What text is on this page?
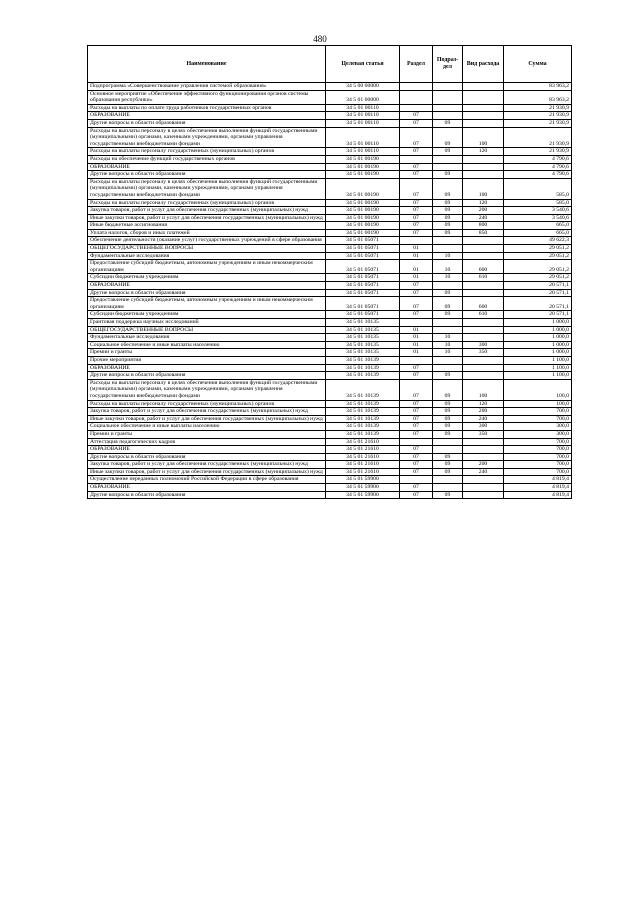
480
Наименование	Целевая статья	Раздел	Подраз-дел	Вид расхода	Сумма
Подпрограмма «Совершенствование управления системой образования»	34 5 00 00000				83 963,2
Основное мероприятие «Обеспечение эффективного функционирования органов системы образования республики»	34 5 01 00000				83 963,2
Расходы на выплаты по оплате труда работников государственных органов	34 5 01 00110				21 930,9
ОБРАЗОВАНИЕ	34 5 01 00110	07			21 930,9
Другие вопросы в области образования	34 5 01 00110	07	09		21 930,9
Расходы на выплаты персоналу в целях обеспечения выполнения функций государственными (муниципальными) органами, казенными учреждениями, органами управления государственными внебюджетными фондами	34 5 01 00110	07	09	100	21 930,9
Расходы на выплаты персоналу государственных (муниципальных) органов	34 5 01 00110	07	09	120	21 930,9
Расходы на обеспечение функций государственных органов	34 5 01 00190				4 790,6
ОБРАЗОВАНИЕ	34 5 01 00190	07			4 790,6
Другие вопросы в области образования	34 5 01 00190	07	09		4 790,6
Расходы на выплаты персоналу в целях обеспечения выполнения функций государственными (муниципальными) органами, казенными учреждениями, органами управления государственными внебюджетными фондами	34 5 01 00190	07	09	100	585,0
Расходы на выплаты персоналу государственных (муниципальных) органов	34 5 01 00190	07	09	120	585,0
Закупка товаров, работ и услуг для обеспечения государственных (муниципальных) нужд	34 5 01 00190	07	09	200	3 540,6
Иные закупки товаров, работ и услуг для обеспечения государственных (муниципальных) нужд	34 5 01 00190	07	09	240	3 540,6
Иные бюджетные ассигнования	34 5 01 00190	07	09	800	665,0
Уплата налогов, сборов и иных платежей	34 5 01 00190	07	09	850	665,0
Обеспечение деятельности (оказание услуг) государственных учреждений в сфере образования	34 5 01 05071				49 622,3
ОБЩЕГОСУДАРСТВЕННЫЕ ВОПРОСЫ	34 5 01 05071	01			29 051,2
Фундаментальные исследования	34 5 01 05071	01	10		29 051,2
Предоставление субсидий бюджетным, автономным учреждениям и иным некоммерческим организациям	34 5 01 05071	01	10	600	29 051,2
Субсидии бюджетным учреждениям	34 5 01 05071	01	10	610	29 051,2
ОБРАЗОВАНИЕ	34 5 01 05071	07			20 571,1
Другие вопросы в области образования	34 5 01 05071	07	09		20 571,1
Предоставление субсидий бюджетным, автономным учреждениям и иным некоммерческим организациям	34 5 01 05071	07	09	600	20 571,1
Субсидии бюджетным учреждениям	34 5 01 05071	07	09	610	20 571,1
Грантовая поддержка научных исследований	34 5 01 10135				1 000,0
ОБЩЕГОСУДАРСТВЕННЫЕ ВОПРОСЫ	34 5 01 10135	01			1 000,0
Фундаментальные исследования	34 5 01 10135	01	10		1 000,0
Социальное обеспечение и иные выплаты населению	34 5 01 10135	01	10	300	1 000,0
Премии и гранты	34 5 01 10135	01	10	350	1 000,0
Прочие мероприятия	34 5 01 10139				1 100,0
ОБРАЗОВАНИЕ	34 5 01 10139	07			1 100,0
Другие вопросы в области образования	34 5 01 10139	07	09		1 100,0
Расходы на выплаты персоналу в целях обеспечения выполнения функций государственными (муниципальными) органами, казенными учреждениями, органами управления государственными внебюджетными фондами	34 5 01 10139	07	09	100	100,0
Расходы на выплаты персоналу государственных (муниципальных) органов	34 5 01 10139	07	09	120	100,0
Закупка товаров, работ и услуг для обеспечения государственных (муниципальных) нужд	34 5 01 10139	07	09	200	700,0
Иные закупки товаров, работ и услуг для обеспечения государственных (муниципальных) нужд	34 5 01 10139	07	09	240	700,0
Социальное обеспечение и иные выплаты населению	34 5 01 10139	07	09	300	300,0
Премии и гранты	34 5 01 10139	07	09	350	300,0
Аттестация педагогических кадров	34 5 01 21610				700,0
ОБРАЗОВАНИЕ	34 5 01 21610	07			700,0
Другие вопросы в области образования	34 5 01 21610	07	09		700,0
Закупка товаров, работ и услуг для обеспечения государственных (муниципальных) нужд	34 5 01 21610	07	09	200	700,0
Иные закупки товаров, работ и услуг для обеспечения государственных (муниципальных) нужд	34 5 01 21610	07	09	240	700,0
Осуществление переданных полномочий Российской Федерации в сфере образования	34 5 01 59900				4 819,4
ОБРАЗОВАНИЕ	34 5 01 59900	07			4 819,4
Другие вопросы в области образования	34 5 01 59900	07	09		4 819,4
